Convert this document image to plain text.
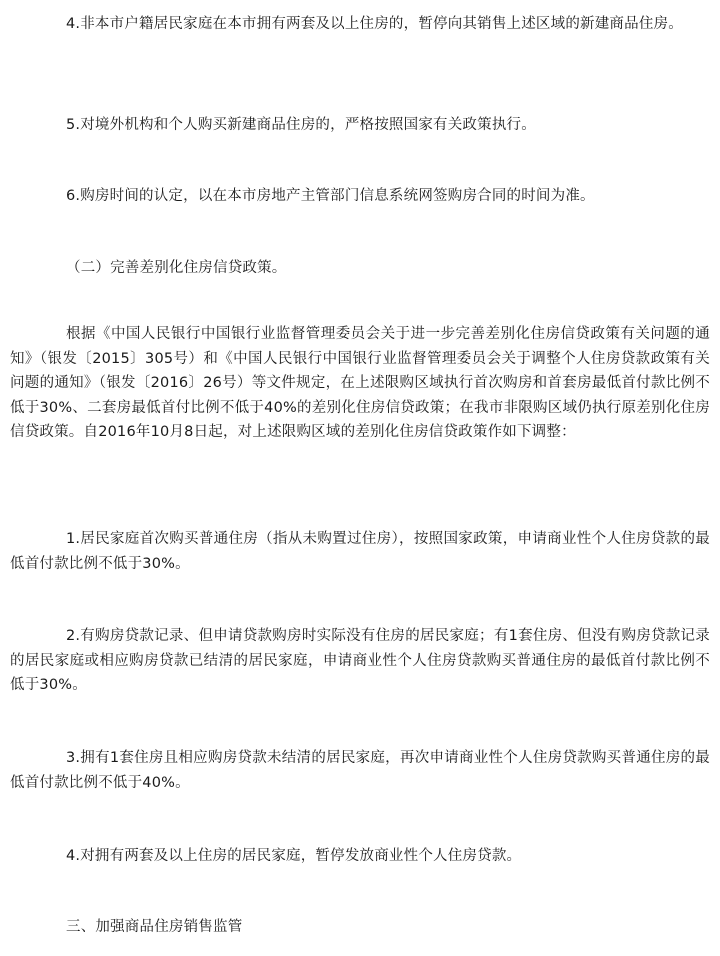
4.非本市户籍居民家庭在本市拥有两套及以上住房的，暂停向其销售上述区域的新建商品住房。

5.对境外机构和个人购买新建商品住房的，严格按照国家有关政策执行。

6.购房时间的认定，以在本市房地产主管部门信息系统网签购房合同的时间为准。

（二）完善差别化住房信贷政策。

根据《中国人民银行中国银行业监督管理委员会关于进一步完善差别化住房信贷政策有关问题的通知》（银发〔2015〕305号）和《中国人民银行中国银行业监督管理委员会关于调整个人住房贷款政策有关问题的通知》（银发〔2016〕26号）等文件规定，在上述限购区域执行首次购房和首套房最低首付款比例不低于30%、二套房最低首付比例不低于40%的差别化住房信贷政策；在我市非限购区域仍执行原差别化住房信贷政策。自2016年10月8日起，对上述限购区域的差别化住房信贷政策作如下调整：

1.居民家庭首次购买普通住房（指从未购置过住房），按照国家政策，申请商业性个人住房贷款的最低首付款比例不低于30%。

2.有购房贷款记录、但申请贷款购房时实际没有住房的居民家庭；有1套住房、但没有购房贷款记录的居民家庭或相应购房贷款已结清的居民家庭，申请商业性个人住房贷款购买普通住房的最低首付款比例不低于30%。

3.拥有1套住房且相应购房贷款未结清的居民家庭，再次申请商业性个人住房贷款购买普通住房的最低首付款比例不低于40%。

4.对拥有两套及以上住房的居民家庭，暂停发放商业性个人住房贷款。

三、加强商品住房销售监管
